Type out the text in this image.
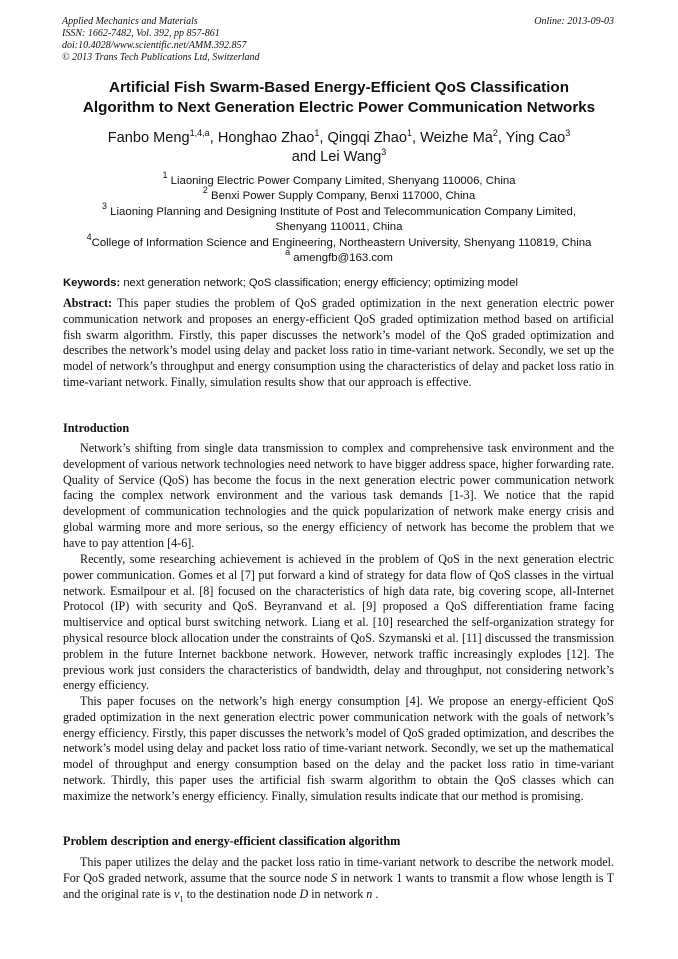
Applied Mechanics and Materials
ISSN: 1662-7482, Vol. 392, pp 857-861
doi:10.4028/www.scientific.net/AMM.392.857
© 2013 Trans Tech Publications Ltd, Switzerland
Online: 2013-09-03
Artificial Fish Swarm-Based Energy-Efficient QoS Classification
Algorithm to Next Generation Electric Power Communication Networks
Fanbo Meng$^{1,4,a}$, Honghao Zhao$^1$, Qingqi Zhao$^1$, Weizhe Ma$^2$, Ying Cao$^3$
and Lei Wang$^3$
$^1$ Liaoning Electric Power Company Limited, Shenyang 110006, China
$^2$ Benxi Power Supply Company, Benxi 117000, China
$^3$ Liaoning Planning and Designing Institute of Post and Telecommunication Company Limited,
Shenyang 110011, China
$^4$College of Information Science and Engineering, Northeastern University, Shenyang 110819, China
$^a$ amengfb@163.com
Keywords: next generation network; QoS classification; energy efficiency; optimizing model
Abstract: This paper studies the problem of QoS graded optimization in the next generation electric power communication network and proposes an energy-efficient QoS graded optimization method based on artificial fish swarm algorithm. Firstly, this paper discusses the network’s model of the QoS graded optimization and describes the network’s model using delay and packet loss ratio in time-variant network. Secondly, we set up the model of network’s throughput and energy consumption using the characteristics of delay and packet loss ratio in time-variant network. Finally, simulation results show that our approach is effective.
Introduction
Network’s shifting from single data transmission to complex and comprehensive task environment and the development of various network technologies need network to have bigger address space, higher forwarding rate. Quality of Service (QoS) has become the focus in the next generation electric power communication network facing the complex network environment and the various task demands [1-3]. We notice that the rapid development of communication technologies and the quick popularization of network make energy crisis and global warming more and more serious, so the energy efficiency of network has become the problem that we have to pay attention [4-6].
Recently, some researching achievement is achieved in the problem of QoS in the next generation electric power communication. Gomes et al [7] put forward a kind of strategy for data flow of QoS classes in the virtual network. Esmailpour et al. [8] focused on the characteristics of high data rate, big covering scope, all-Internet Protocol (IP) with security and QoS. Beyranvand et al. [9] proposed a QoS differentiation frame facing multiservice and optical burst switching network. Liang et al. [10] researched the self-organization strategy for physical resource block allocation under the constraints of QoS. Szymanski et al. [11] discussed the transmission problem in the future Internet backbone network. However, network traffic increasingly explodes [12]. The previous work just considers the characteristics of bandwidth, delay and throughput, not considering network’s energy efficiency.
This paper focuses on the network’s high energy consumption [4]. We propose an energy-efficient QoS graded optimization in the next generation electric power communication network with the goals of network’s energy efficiency. Firstly, this paper discusses the network’s model of QoS graded optimization, and describes the network’s model using delay and packet loss ratio of time-variant network. Secondly, we set up the mathematical model of throughput and energy consumption based on the delay and the packet loss ratio in time-variant network. Thirdly, this paper uses the artificial fish swarm algorithm to obtain the QoS classes which can maximize the network’s energy efficiency. Finally, simulation results indicate that our method is promising.
Problem description and energy-efficient classification algorithm
This paper utilizes the delay and the packet loss ratio in time-variant network to describe the network model. For QoS graded network, assume that the source node S in network 1 wants to transmit a flow whose length is T and the original rate is $v_1$ to the destination node D in network n .
